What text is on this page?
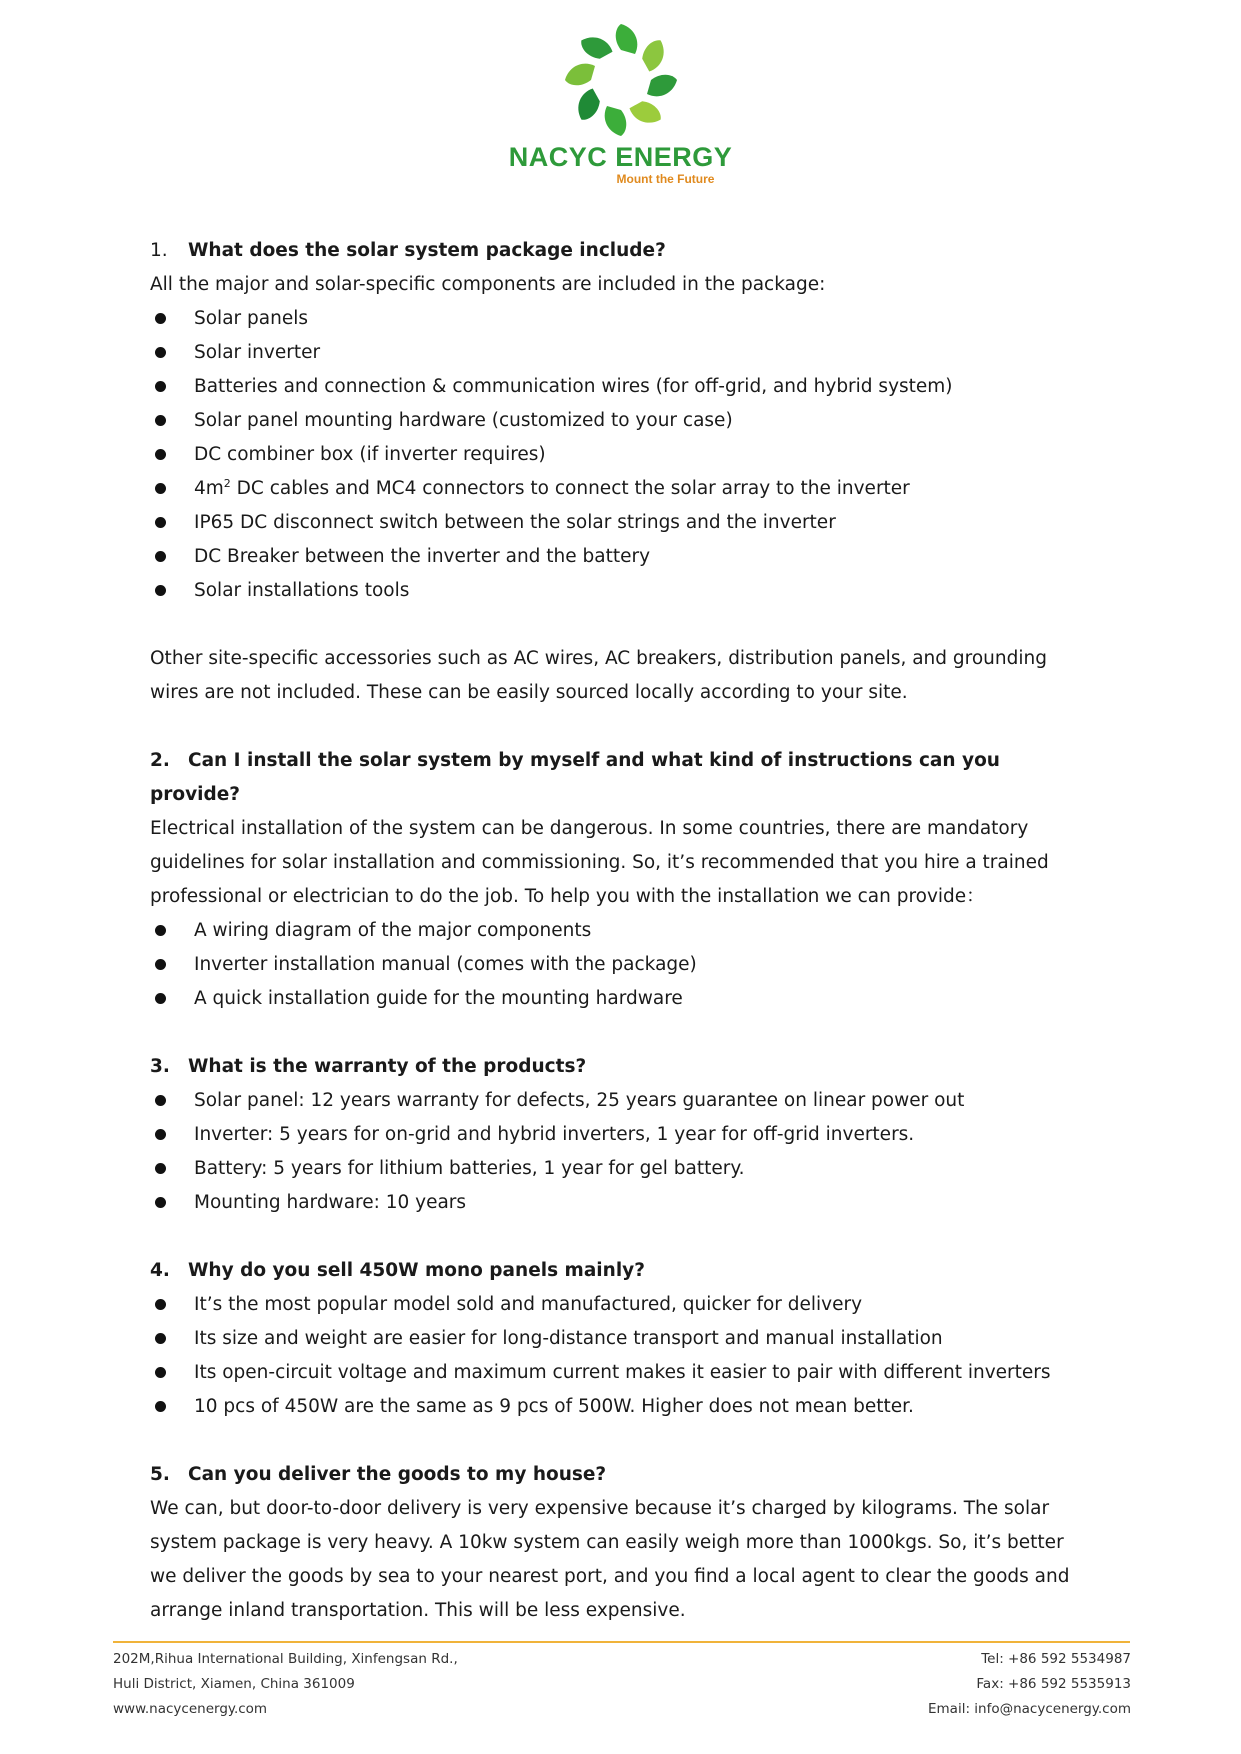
NACYC ENERGY
Mount the Future
1. What does the solar system package include?

All the major and solar-specific components are included in the package:

Solar panels
Solar inverter
Batteries and connection & communication wires (for off-grid, and hybrid system)
Solar panel mounting hardware (customized to your case)
DC combiner box (if inverter requires)
$4m^2$ DC cables and MC4 connectors to connect the solar array to the inverter
IP65 DC disconnect switch between the solar strings and the inverter
DC Breaker between the inverter and the battery
Solar installations tools

Other site-specific accessories such as AC wires, AC breakers, distribution panels, and grounding wires are not included. These can be easily sourced locally according to your site.

2. Can I install the solar system by myself and what kind of instructions can you provide?

Electrical installation of the system can be dangerous. In some countries, there are mandatory guidelines for solar installation and commissioning. So, it’s recommended that you hire a trained professional or electrician to do the job. To help you with the installation we can provide：

A wiring diagram of the major components
Inverter installation manual (comes with the package)
A quick installation guide for the mounting hardware
3. What is the warranty of the products?
Solar panel: 12 years warranty for defects, 25 years guarantee on linear power out
Inverter: 5 years for on-grid and hybrid inverters, 1 year for off-grid inverters.
Battery: 5 years for lithium batteries, 1 year for gel battery.
Mounting hardware: 10 years
4. Why do you sell 450W mono panels mainly?
It’s the most popular model sold and manufactured, quicker for delivery
Its size and weight are easier for long-distance transport and manual installation
Its open-circuit voltage and maximum current makes it easier to pair with different inverters
10 pcs of 450W are the same as 9 pcs of 500W. Higher does not mean better.
5. Can you deliver the goods to my house?

We can, but door-to-door delivery is very expensive because it’s charged by kilograms. The solar system package is very heavy. A 10kw system can easily weigh more than 1000kgs. So, it’s better we deliver the goods by sea to your nearest port, and you find a local agent to clear the goods and arrange inland transportation. This will be less expensive.

202M,Rihua International Building, Xinfengsan Rd.,
Huli District, Xiamen, China 361009
www.nacycenergy.com
Tel: +86 592 5534987
Fax: +86 592 5535913
Email: info@nacycenergy.com
